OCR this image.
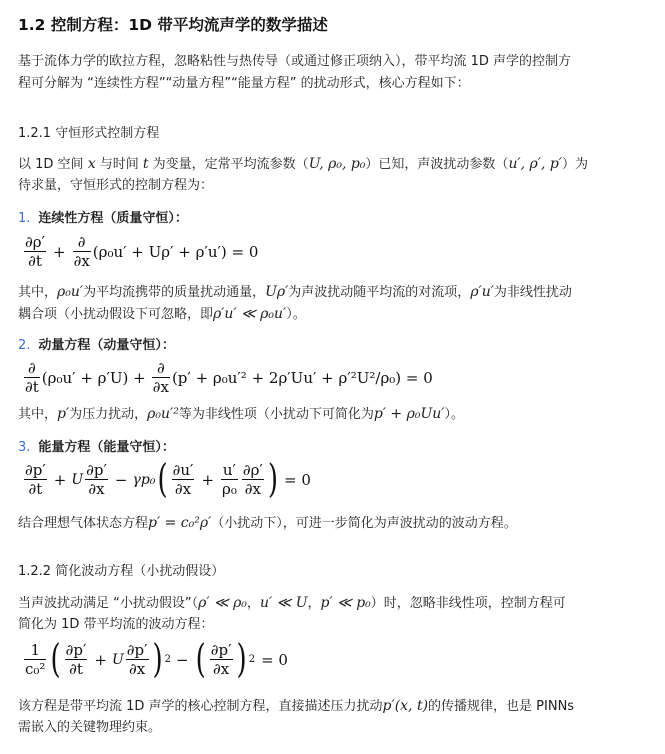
1.2 控制方程：1D 带平均流声学的数学描述
基于流体力学的欧拉方程，忽略粘性与热传导（或通过修正项纳入），带平均流 1D 声学的控制方
程可分解为 “连续性方程”“动量方程”“能量方程” 的扰动形式，核心方程如下：
1.2.1 守恒形式控制方程
以 1D 空间 x 与时间 t 为变量，定常平均流参数（U, ρ₀, p₀）已知，声波扰动参数（u′, ρ′, p′）为
待求量，守恒形式的控制方程为：
1. 连续性方程（质量守恒）：
$\frac{\partial\rho'}{\partial t} + \frac{\partial}{\partial x} (\rho_0u' + U\rho' + \rho'u') = 0$
其中，ρ₀u′为平均流携带的质量扰动通量，Uρ′为声波扰动随平均流的对流项，ρ′u′为非线性扰动
耦合项（小扰动假设下可忽略，即ρ′u′ ≪ ρ₀u′）。
2. 动量方程（动量守恒）：
$\frac{\partial}{\partial t} (\rho_0u' + \rho'U) + \frac{\partial}{\partial x} (p' + \rho_0u'^2 + 2\rho'Uu' + \rho'^2U^2/\rho_0) = 0$
其中，p′为压力扰动，ρ₀u′²等为非线性项（小扰动下可简化为p′ + ρ₀Uu′）。
3. 能量方程（能量守恒）：
$\frac{\partial p'}{\partial t} + U \frac{\partial p'}{\partial x} - \gamma p_0$ ( $\frac{\partial u'}{\partial x} + \frac{u'}{\text{ρ₀}} \frac{\partial\rho'}{\partial x}$ ) = 0
结合理想气体状态方程p′ = c₀²ρ′（小扰动下），可进一步简化为声波扰动的波动方程。
1.2.2 简化波动方程（小扰动假设）
当声波扰动满足 “小扰动假设”（ρ′ ≪ ρ₀，u′ ≪ U，p′ ≪ p₀）时，忽略非线性项，控制方程可
简化为 1D 带平均流的波动方程：
$\frac{1}{\text{c₀²}}$ ( $\frac{\partial p'}{\partial t} + U \frac{\partial p'}{\partial x}$ ) 2 − ( $\frac{\partial p'}{\partial x}$ ) 2 = 0
该方程是带平均流 1D 声学的核心控制方程，直接描述压力扰动p′(x, t)的传播规律，也是 PINNs
需嵌入的关键物理约束。
